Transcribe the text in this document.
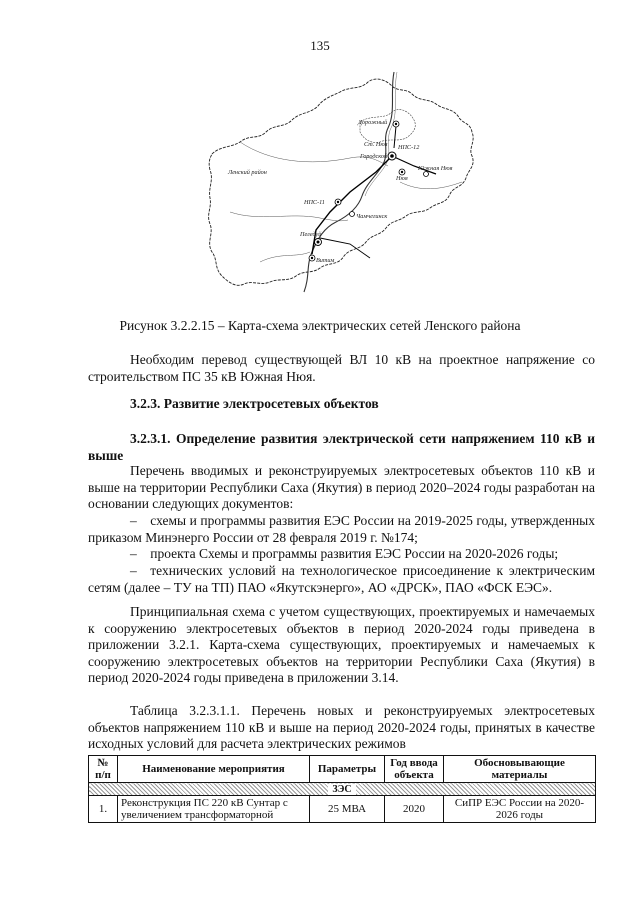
135
Дорожный
Ст. Нюя
Городской
НПС-12
Нюя
Южная Нюя
Ленский район
НПС-11
Чамчегинск
Пеледуй
Витим
Рисунок 3.2.2.15 – Карта-схема электрических сетей Ленского района
Необходим перевод существующей ВЛ 10 кВ на проектное напряжение со строительством ПС 35 кВ Южная Нюя.
3.2.3. Развитие электросетевых объектов
3.2.3.1. Определение развития электрической сети напряжением 110 кВ и выше
Перечень вводимых и реконструируемых электросетевых объектов 110 кВ и выше на территории Республики Саха (Якутия) в период 2020–2024 годы разработан на основании следующих документов:
– схемы и программы развития ЕЭС России на 2019-2025 годы, утвержденных приказом Минэнерго России от 28 февраля 2019 г. №174;
– проекта Схемы и программы развития ЕЭС России на 2020-2026 годы;
– технических условий на технологическое присоединение к электрическим сетям (далее – ТУ на ТП) ПАО «Якутскэнерго», АО «ДРСК», ПАО «ФСК ЕЭС».
Принципиальная схема с учетом существующих, проектируемых и намечаемых к сооружению электросетевых объектов в период 2020-2024 годы приведена в приложении 3.2.1. Карта-схема существующих, проектируемых и намечаемых к сооружению электросетевых объектов на территории Республики Саха (Якутия) в период 2020-2024 годы приведена в приложении 3.14.
Таблица 3.2.3.1.1. Перечень новых и реконструируемых электросетевых объектов напряжением 110 кВ и выше на период 2020-2024 годы, принятых в качестве исходных условий для расчета электрических режимов
№ п/п	Наименование мероприятия	Параметры	Год ввода объекта	Обосновывающие материалы
ЗЭС				
1.	Реконструкция ПС 220 кВ Сунтар с увеличением трансформаторной	25 МВА	2020	СиПР ЕЭС России на 2020-2026 годы
